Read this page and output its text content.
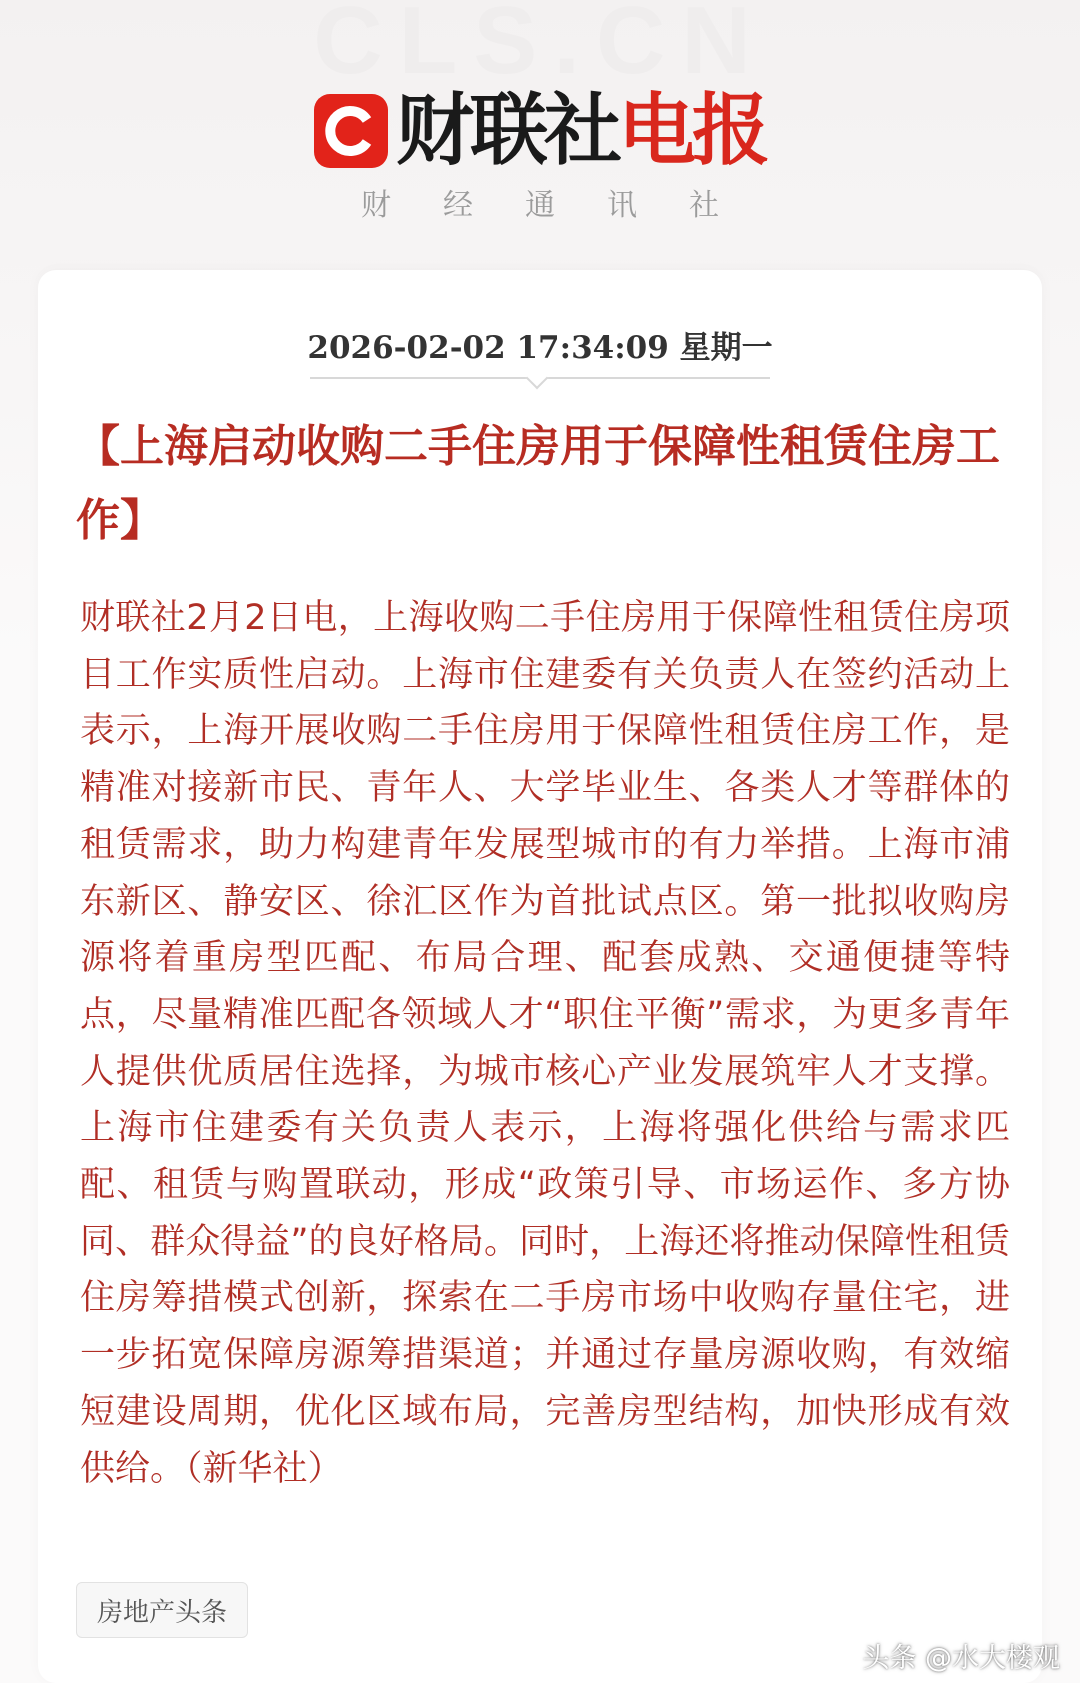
CLS.CN
财联社 电报
财经通讯社
2026-02-02 17:34:09 星期一
【上海启动收购二手住房用于保障性租赁住房工作】

财联社2月2日电，上海收购二手住房用于保障性租赁住房项目工作实质性启动。上海市住建委有关负责人在签约活动上表示，上海开展收购二手住房用于保障性租赁住房工作，是精准对接新市民、青年人、大学毕业生、各类人才等群体的租赁需求，助力构建青年发展型城市的有力举措。上海市浦东新区、静安区、徐汇区作为首批试点区。第一批拟收购房源将着重房型匹配、布局合理、配套成熟、交通便捷等特点，尽量精准匹配各领域人才“职住平衡”需求，为更多青年人提供优质居住选择，为城市核心产业发展筑牢人才支撑。上海市住建委有关负责人表示，上海将强化供给与需求匹配、租赁与购置联动，形成“政策引导、市场运作、多方协同、群众得益”的良好格局。同时，上海还将推动保障性租赁住房筹措模式创新，探索在二手房市场中收购存量住宅，进一步拓宽保障房源筹措渠道；并通过存量房源收购，有效缩短建设周期，优化区域布局，完善房型结构，加快形成有效供给。（新华社）

房地产头条
头条 @水大楼观
